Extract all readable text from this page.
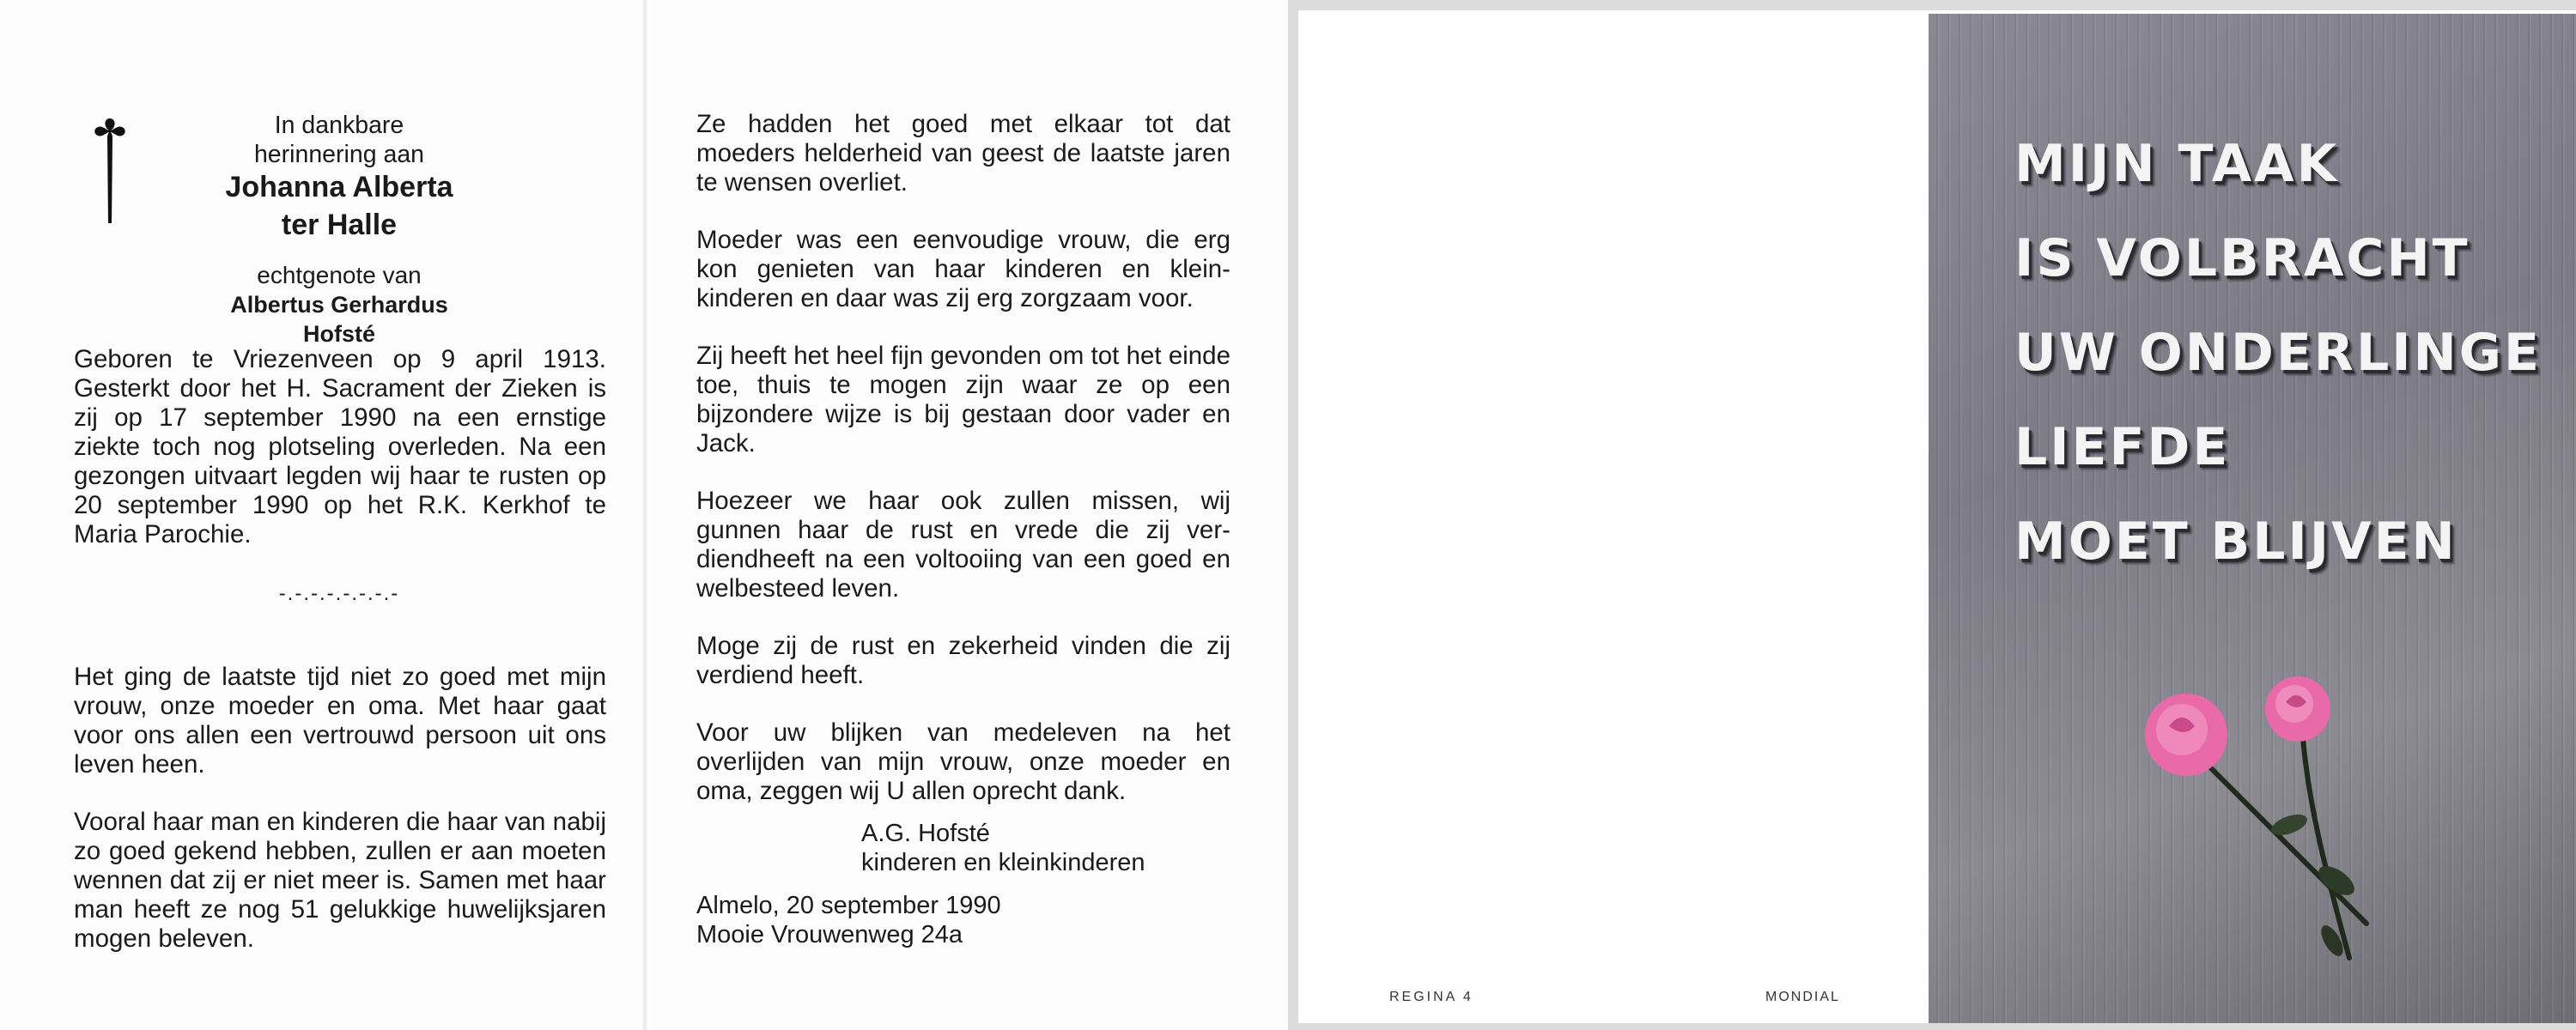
In dankbare herinnering aan

Johanna Alberta
ter Halle

echtgenote van

Albertus Gerhardus Hofsté

Geboren te Vriezenveen op 9 april 1913. Gesterkt door het H. Sacrament der Zieken is zij op 17 september 1990 na een ernstige ziekte toch nog plotseling overleden. Na een gezongen uitvaart legden wij haar te rusten op 20 september 1990 op het R.K. Kerkhof te Maria Parochie.

-.-.-.-.-.-.-.-

Het ging de laatste tijd niet zo goed met mijn vrouw, onze moeder en oma. Met haar gaat voor ons allen een vertrouwd persoon uit ons leven heen.

Vooral haar man en kinderen die haar van nabij zo goed gekend hebben, zullen er aan moeten wennen dat zij er niet meer is. Samen met haar man heeft ze nog 51 gelukkige huwelijksjaren mogen beleven.

Ze hadden het goed met elkaar tot dat moeders helderheid van geest de laatste jaren te wensen overliet.

Moeder was een eenvoudige vrouw, die erg kon genieten van haar kinderen en klein-kinderen en daar was zij erg zorgzaam voor.

Zij heeft het heel fijn gevonden om tot het einde toe, thuis te mogen zijn waar ze op een bijzondere wijze is bij gestaan door vader en Jack.

Hoezeer we haar ook zullen missen, wij gunnen haar de rust en vrede die zij ver-diendheeft na een voltooiing van een goed en welbesteed leven.

Moge zij de rust en zekerheid vinden die zij verdiend heeft.

Voor uw blijken van medeleven na het overlijden van mijn vrouw, onze moeder en oma, zeggen wij U allen oprecht dank.

A.G. Hofsté
kinderen en kleinkinderen
Almelo, 20 september 1990
Mooie Vrouwenweg 24a
REGINA 4	MONDIAL

MIJN TAAK

IS VOLBRACHT

UW ONDERLINGE

LIEFDE

MOET BLIJVEN
